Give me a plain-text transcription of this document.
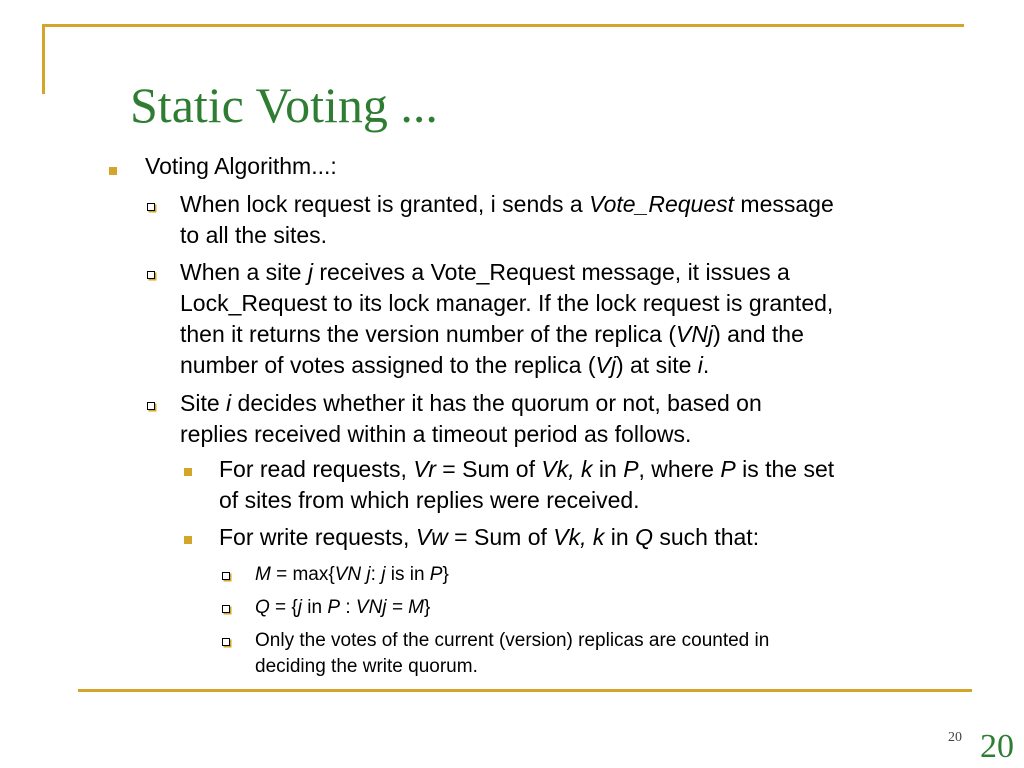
Static Voting ...
Voting Algorithm...:
When lock request is granted, i sends a Vote_Request message
to all the sites.
When a site j receives a Vote_Request message, it issues a
Lock_Request to its lock manager. If the lock request is granted,
then it returns the version number of the replica (VNj) and the
number of votes assigned to the replica (Vj) at site i.
Site i decides whether it has the quorum or not, based on
replies received within a timeout period as follows.
For read requests, Vr = Sum of Vk, k in P, where P is the set
of sites from which replies were received.
For write requests, Vw = Sum of Vk, k in Q such that:
M = max{VN j: j is in P}
Q = {j in P : VNj = M}
Only the votes of the current (version) replicas are counted in
deciding the write quorum.
20 20
